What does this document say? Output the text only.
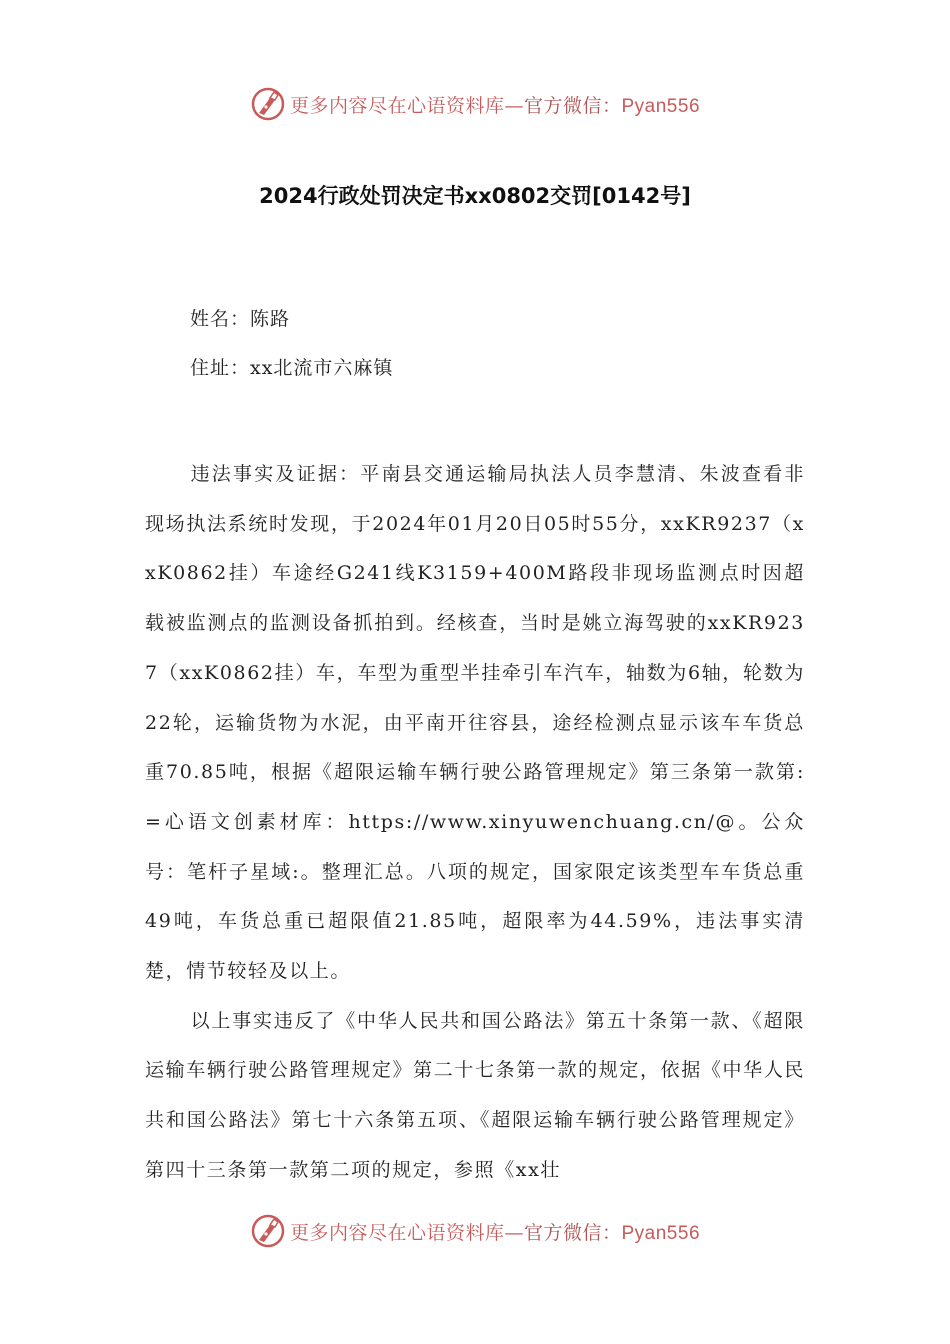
更多内容尽在心语资料库—官方微信：Pyan556
2024行政处罚决定书xx0802交罚[0142号]
姓名：陈路
住址：xx北流市六麻镇

违法事实及证据：平南县交通运输局执法人员李慧清、朱波查看非现场执法系统时发现，于2024年01月20日05时55分，xxKR9237（xxK0862挂）车途经G241线K3159+400M路段非现场监测点时因超载被监测点的监测设备抓拍到。经核查，当时是姚立海驾驶的xxKR9237（xxK0862挂）车，车型为重型半挂牵引车汽车，轴数为6轴，轮数为22轮，运输货物为水泥，由平南开往容县，途经检测点显示该车车货总重70.85吨，根据《超限运输车辆行驶公路管理规定》第三条第一款第:=心语文创素材库：https://www.xinyuwenchuang.cn/@。公众号：笔杆子星域:。整理汇总。八项的规定，国家限定该类型车车货总重49吨，车货总重已超限值21.85吨，超限率为44.59%，违法事实清楚，情节较轻及以上。

以上事实违反了《中华人民共和国公路法》第五十条第一款、《超限运输车辆行驶公路管理规定》第二十七条第一款的规定，依据《中华人民共和国公路法》第七十六条第五项、《超限运输车辆行驶公路管理规定》第四十三条第一款第二项的规定，参照《xx壮

更多内容尽在心语资料库—官方微信：Pyan556
